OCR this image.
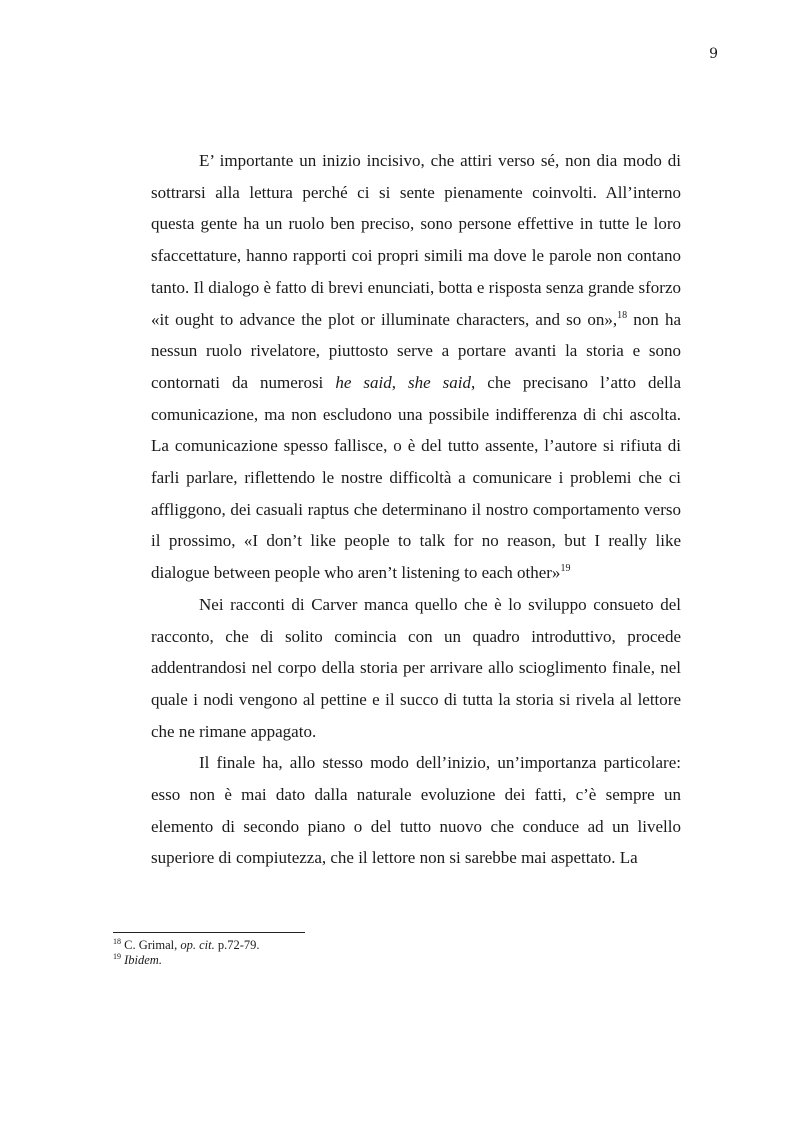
9

E’ importante un inizio incisivo, che attiri verso sé, non dia modo di sottrarsi alla lettura perché ci si sente pienamente coinvolti. All’interno questa gente ha un ruolo ben preciso, sono persone effettive in tutte le loro sfaccettature, hanno rapporti coi propri simili ma dove le parole non contano tanto. Il dialogo è fatto di brevi enunciati, botta e risposta senza grande sforzo «it ought to advance the plot or illuminate characters, and so on»,$^{18}$ non ha nessun ruolo rivelatore, piuttosto serve a portare avanti la storia e sono contornati da numerosi he said, she said, che precisano l’atto della comunicazione, ma non escludono una possibile indifferenza di chi ascolta. La comunicazione spesso fallisce, o è del tutto assente, l’autore si rifiuta di farli parlare, riflettendo le nostre difficoltà a comunicare i problemi che ci affliggono, dei casuali raptus che determinano il nostro comportamento verso il prossimo, «I don’t like people to talk for no reason, but I really like dialogue between people who aren’t listening to each other»$^{19}$

Nei racconti di Carver manca quello che è lo sviluppo consueto del racconto, che di solito comincia con un quadro introduttivo, procede addentrandosi nel corpo della storia per arrivare allo scioglimento finale, nel quale i nodi vengono al pettine e il succo di tutta la storia si rivela al lettore che ne rimane appagato.

Il finale ha, allo stesso modo dell’inizio, un’importanza particolare: esso non è mai dato dalla naturale evoluzione dei fatti, c’è sempre un elemento di secondo piano o del tutto nuovo che conduce ad un livello superiore di compiutezza, che il lettore non si sarebbe mai aspettato. La

$^{18}$ C. Grimal, op. cit. p.72-79.
$^{19}$ Ibidem.
